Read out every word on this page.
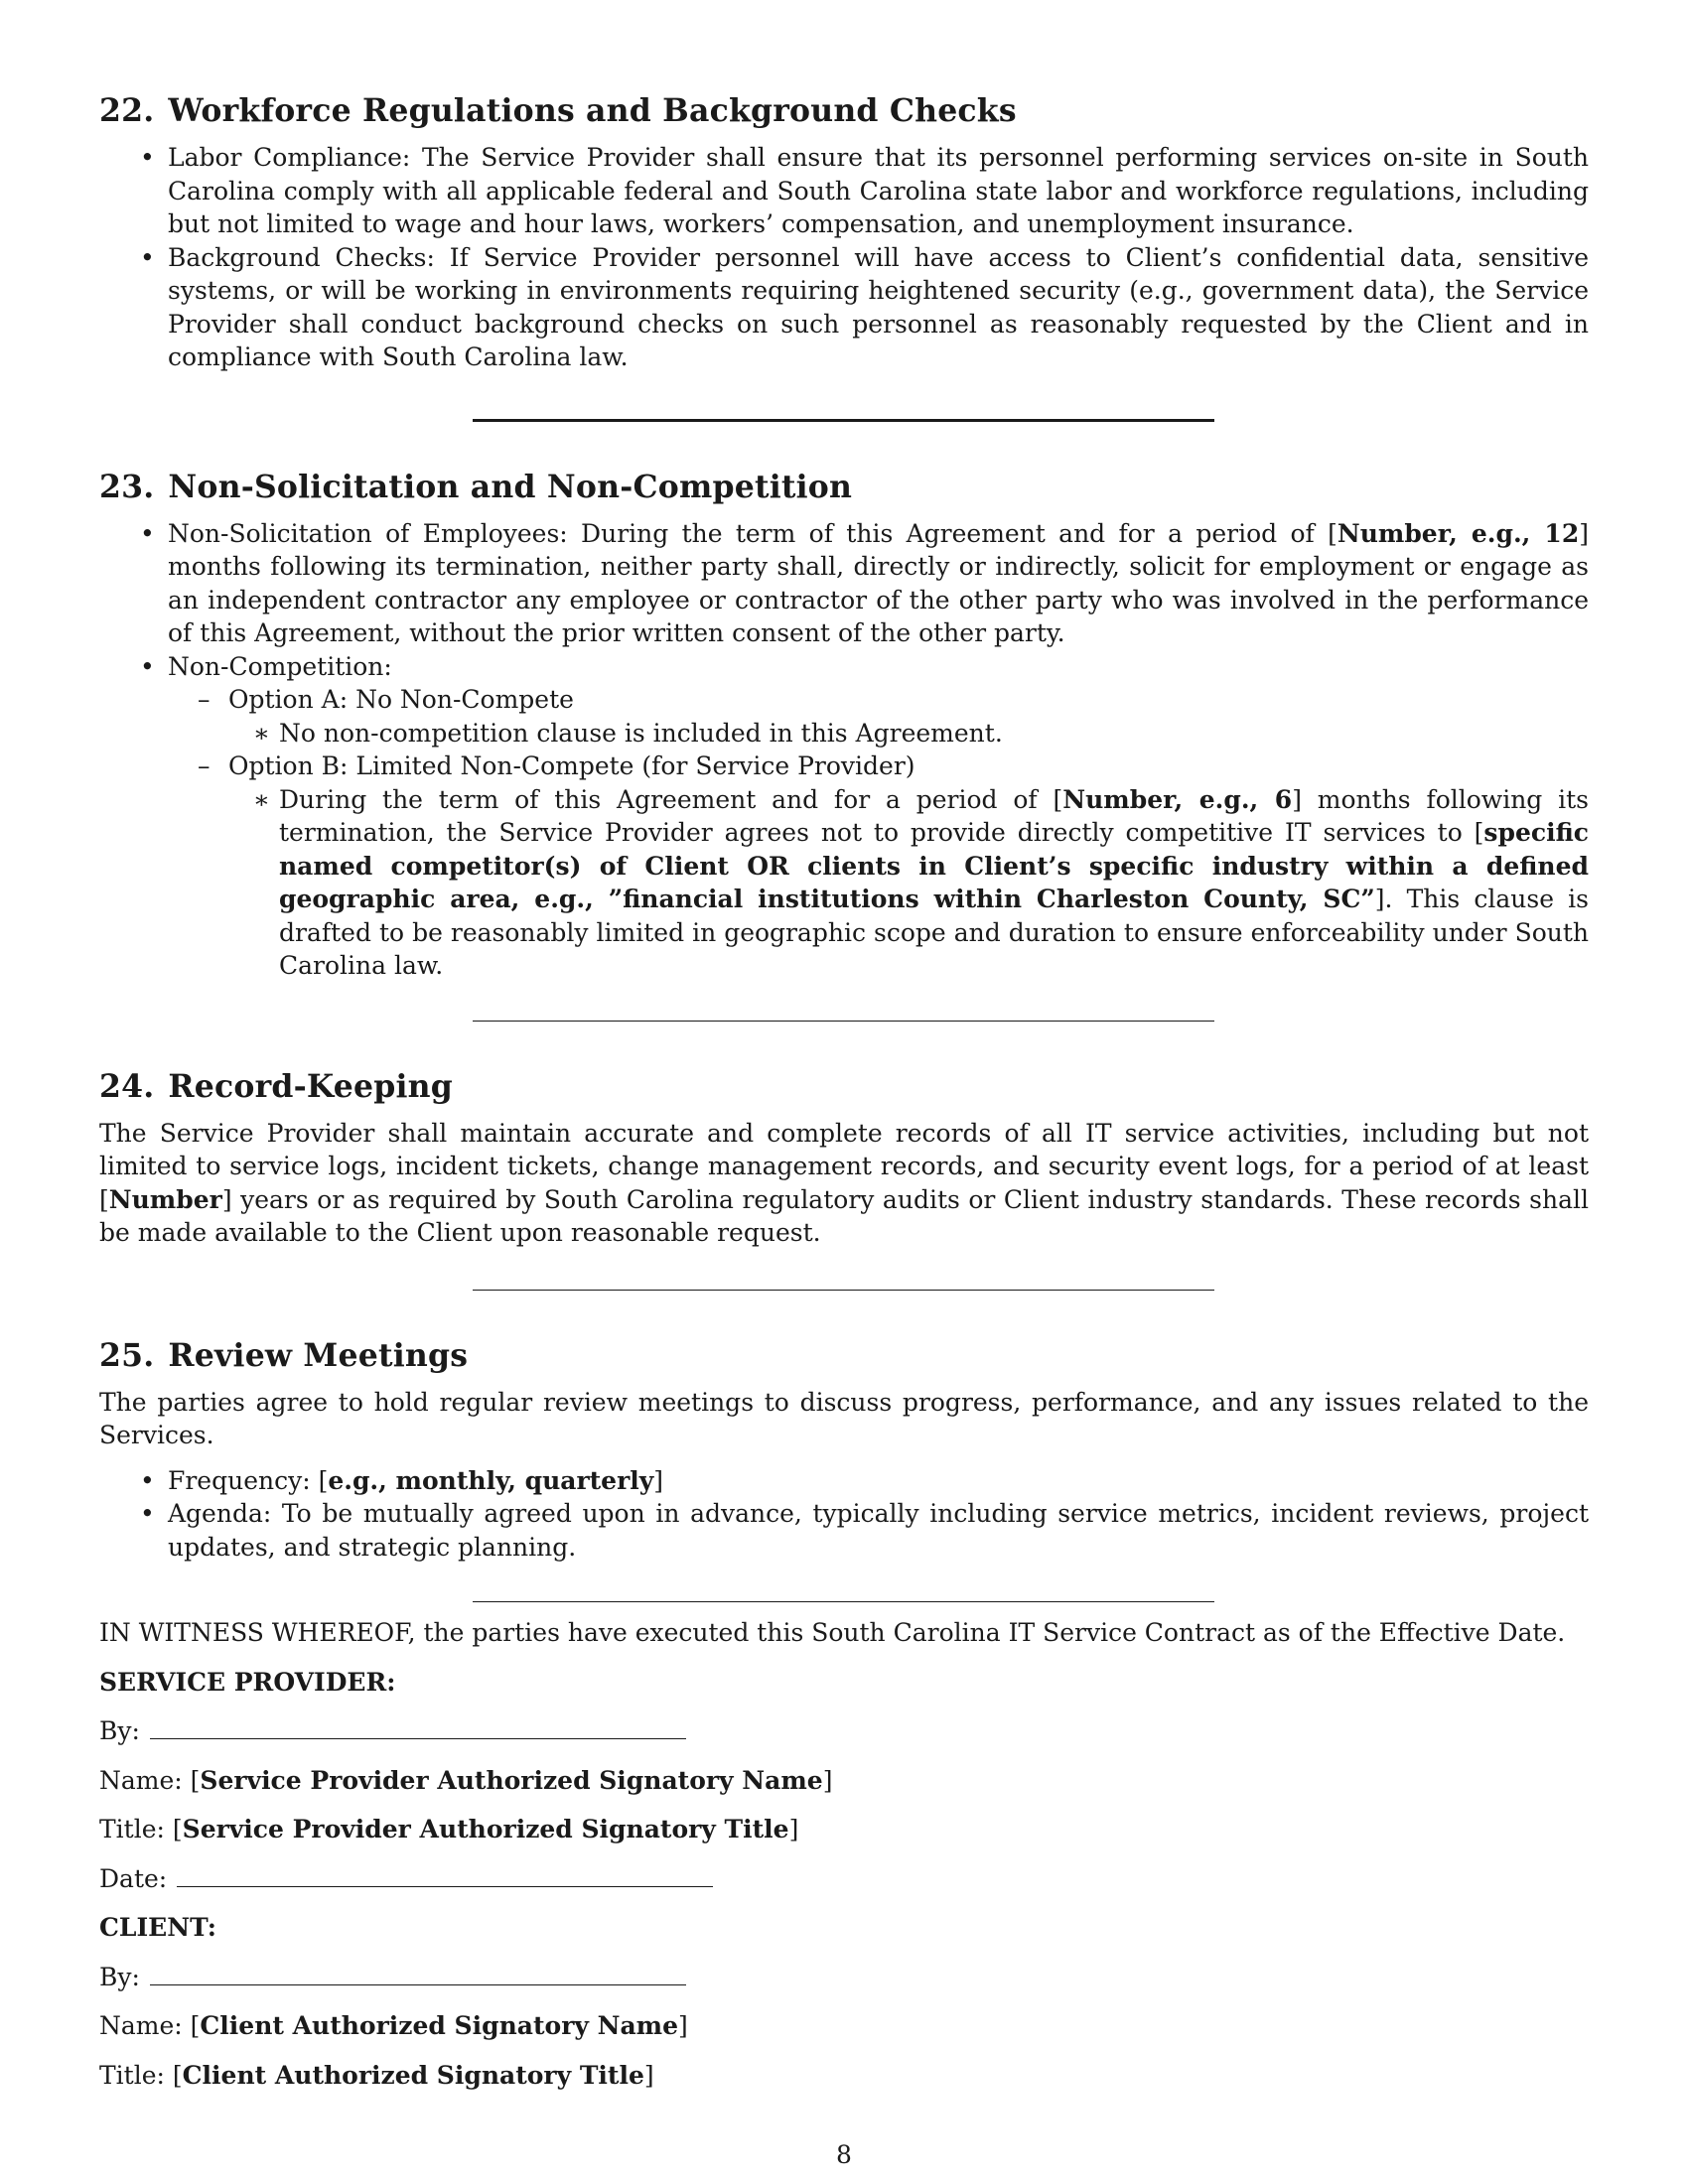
22. Workforce Regulations and Background Checks
• Labor Compliance: The Service Provider shall ensure that its personnel performing services on-site in South Carolina comply with all applicable federal and South Carolina state labor and workforce regulations, including but not limited to wage and hour laws, workers’ compensation, and unemployment insurance.
• Background Checks: If Service Provider personnel will have access to Client’s confidential data, sensitive systems, or will be working in environments requiring heightened security (e.g., government data), the Service Provider shall conduct background checks on such personnel as reasonably requested by the Client and in compliance with South Carolina law.
23. Non-Solicitation and Non-Competition
• Non-Solicitation of Employees: During the term of this Agreement and for a period of [Number, e.g., 12] months following its termination, neither party shall, directly or indirectly, solicit for employment or engage as an independent contractor any employee or contractor of the other party who was involved in the performance of this Agreement, without the prior written consent of the other party.
• Non-Competition:
– Option A: No Non-Compete
∗ No non-competition clause is included in this Agreement.
– Option B: Limited Non-Compete (for Service Provider)
∗ During the term of this Agreement and for a period of [Number, e.g., 6] months following its termination, the Service Provider agrees not to provide directly competitive IT services to [specific named competitor(s) of Client OR clients in Client’s specific industry within a defined geographic area, e.g., ”financial institutions within Charleston County, SC”]. This clause is drafted to be reasonably limited in geographic scope and duration to ensure enforceability under South Carolina law.
24. Record-Keeping

The Service Provider shall maintain accurate and complete records of all IT service activities, including but not limited to service logs, incident tickets, change management records, and security event logs, for a period of at least [Number] years or as required by South Carolina regulatory audits or Client industry standards. These records shall be made available to the Client upon reasonable request.

25. Review Meetings

The parties agree to hold regular review meetings to discuss progress, performance, and any issues related to the Services.

• Frequency: [e.g., monthly, quarterly]
• Agenda: To be mutually agreed upon in advance, typically including service metrics, incident reviews, project updates, and strategic planning.

IN WITNESS WHEREOF, the parties have executed this South Carolina IT Service Contract as of the Effective Date.

SERVICE PROVIDER:

By:

Name: [Service Provider Authorized Signatory Name]

Title: [Service Provider Authorized Signatory Title]

Date:

CLIENT:

By:

Name: [Client Authorized Signatory Name]

Title: [Client Authorized Signatory Title]

8
